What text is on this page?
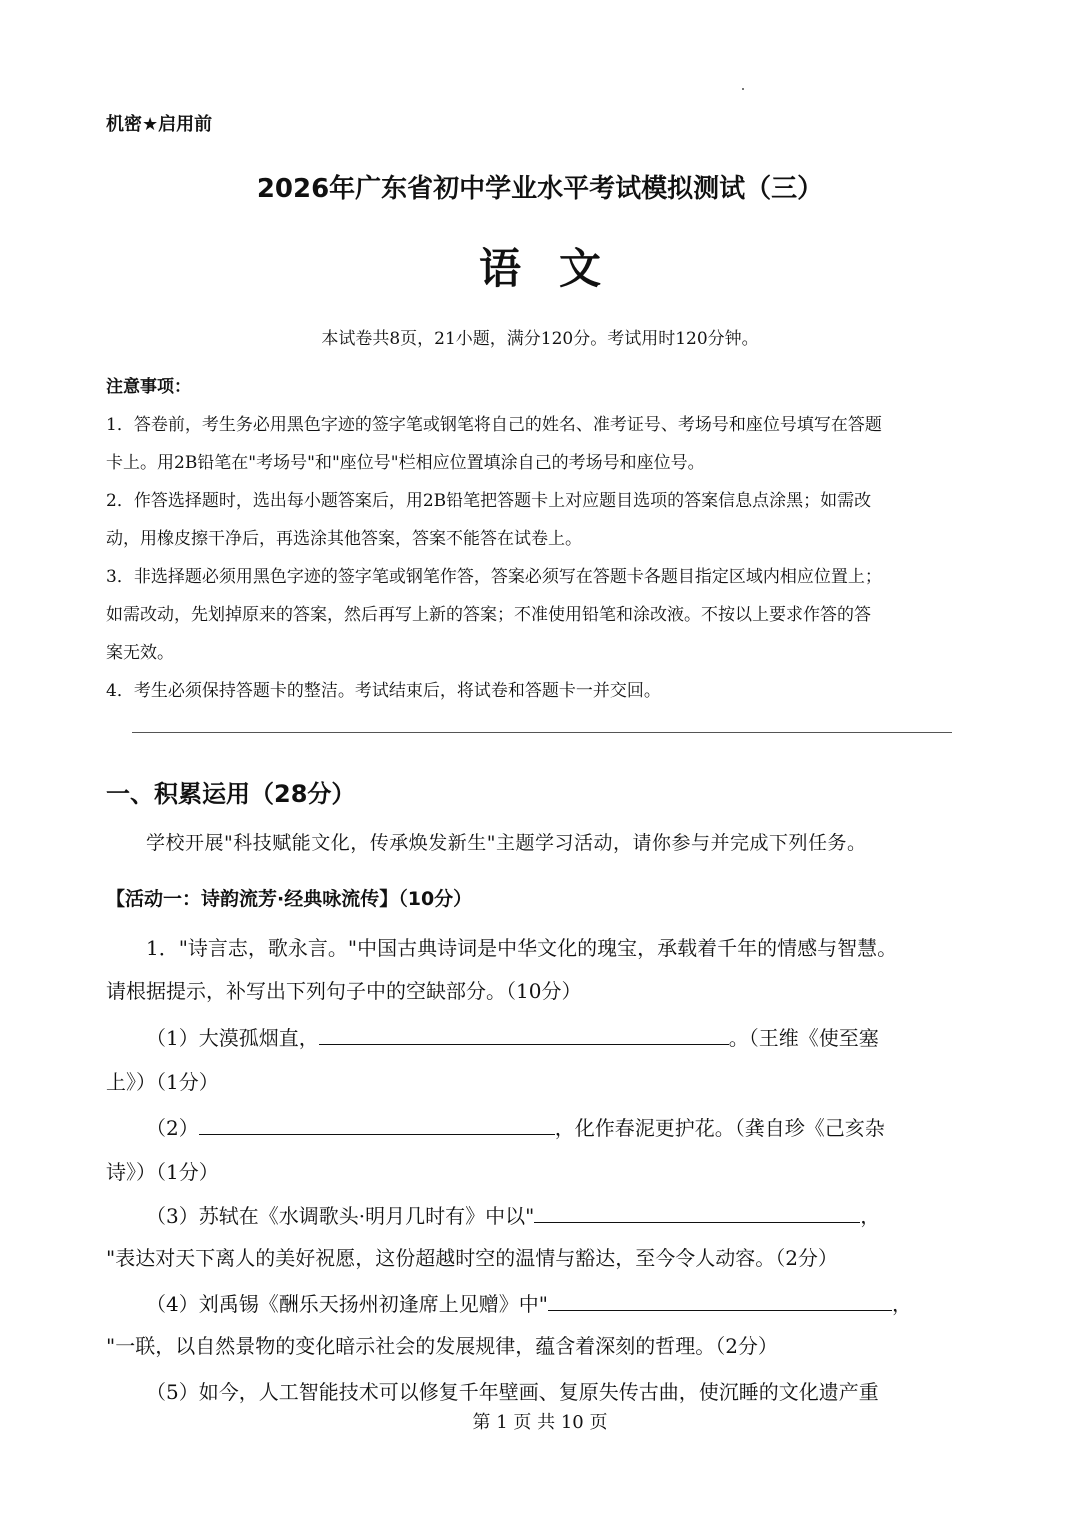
机密★启用前
2026年广东省初中学业水平考试模拟测试（三）
语文
本试卷共8页，21小题，满分120分。考试用时120分钟。
注意事项：
1．答卷前，考生务必用黑色字迹的签字笔或钢笔将自己的姓名、准考证号、考场号和座位号填写在答题
卡上。用2B铅笔在"考场号"和"座位号"栏相应位置填涂自己的考场号和座位号。
2．作答选择题时，选出每小题答案后，用2B铅笔把答题卡上对应题目选项的答案信息点涂黑；如需改
动，用橡皮擦干净后，再选涂其他答案，答案不能答在试卷上。
3．非选择题必须用黑色字迹的签字笔或钢笔作答，答案必须写在答题卡各题目指定区域内相应位置上；
如需改动，先划掉原来的答案，然后再写上新的答案；不准使用铅笔和涂改液。不按以上要求作答的答
案无效。
4．考生必须保持答题卡的整洁。考试结束后，将试卷和答题卡一并交回。
一、积累运用（28分）
学校开展"科技赋能文化，传承焕发新生"主题学习活动，请你参与并完成下列任务。
【活动一：诗韵流芳·经典咏流传】（10分）
1．"诗言志，歌永言。"中国古典诗词是中华文化的瑰宝，承载着千年的情感与智慧。
请根据提示，补写出下列句子中的空缺部分。（10分）
（1）大漠孤烟直，	。（王维《使至塞
上》）（1分）
（2）	，化作春泥更护花。（龚自珍《己亥杂
诗》）（1分）
（3）苏轼在《水调歌头·明月几时有》中以"	，
"表达对天下离人的美好祝愿，这份超越时空的温情与豁达，至今令人动容。（2分）
（4）刘禹锡《酬乐天扬州初逢席上见赠》中"	，
"一联，以自然景物的变化暗示社会的发展规律，蕴含着深刻的哲理。（2分）
（5）如今，人工智能技术可以修复千年壁画、复原失传古曲，使沉睡的文化遗产重
第 1 页 共 10 页
